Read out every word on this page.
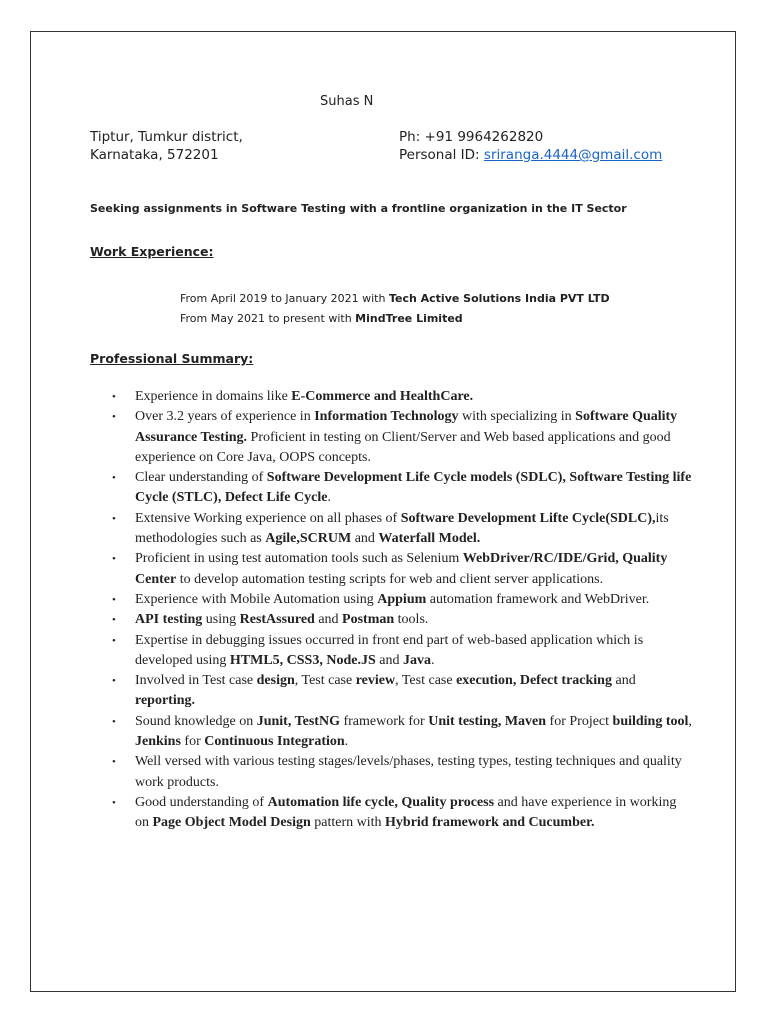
Suhas N
Tiptur, Tumkur district,
Karnataka, 572201
Ph: +91 9964262820
Personal ID: sriranga.4444@gmail.com
Seeking assignments in Software Testing with a frontline organization in the IT Sector
Work Experience:
From April 2019 to January 2021 with Tech Active Solutions India PVT LTD
From May 2021 to present with MindTree Limited
Professional Summary:
• Experience in domains like E-Commerce and HealthCare.
• Over 3.2 years of experience in Information Technology with specializing in Software Quality
Assurance Testing. Proficient in testing on Client/Server and Web based applications and good experience on Core Java, OOPS concepts.
• Clear understanding of Software Development Life Cycle models (SDLC), Software Testing life Cycle (STLC), Defect Life Cycle.
• Extensive Working experience on all phases of Software Development Lifte Cycle(SDLC),its methodologies such as Agile,SCRUM and Waterfall Model.
• Proficient in using test automation tools such as Selenium WebDriver/RC/IDE/Grid, Quality Center to develop automation testing scripts for web and client server applications.
• Experience with Mobile Automation using Appium automation framework and WebDriver.
• API testing using RestAssured and Postman tools.
• Expertise in debugging issues occurred in front end part of web-based application which is developed using HTML5, CSS3, Node.JS and Java.
• Involved in Test case design, Test case review, Test case execution, Defect tracking and reporting.
• Sound knowledge on Junit, TestNG framework for Unit testing, Maven for Project building tool, Jenkins for Continuous Integration.
• Well versed with various testing stages/levels/phases, testing types, testing techniques and quality work products.
• Good understanding of Automation life cycle, Quality process and have experience in working on Page Object Model Design pattern with Hybrid framework and Cucumber.
